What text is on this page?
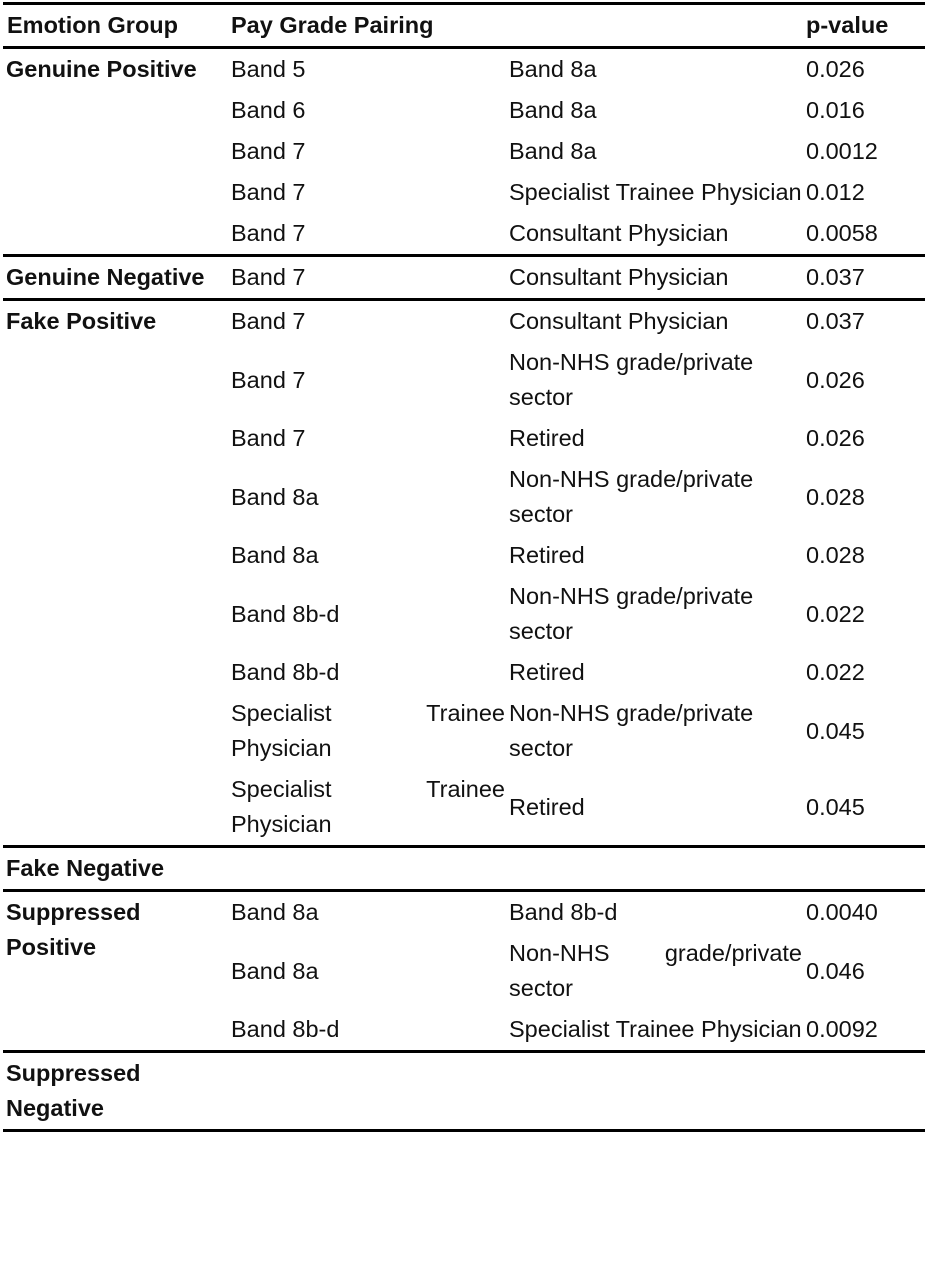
Emotion Group	Pay Grade Pairing		p-value
Genuine Positive	Band 5	Band 8a	0.026
	Band 6	Band 8a	0.016
	Band 7	Band 8a	0.0012
	Band 7	Specialist Trainee Physician	0.012
	Band 7	Consultant Physician	0.0058
Genuine Negative	Band 7	Consultant Physician	0.037
Fake Positive	Band 7	Consultant Physician	0.037
	Band 7	Non-NHS grade/private sector	0.026
	Band 7	Retired	0.026
	Band 8a	Non-NHS grade/private sector	0.028
	Band 8a	Retired	0.028
	Band 8b-d	Non-NHS grade/private sector	0.022
	Band 8b-d	Retired	0.022
	Specialist Trainee Physician	Non-NHS grade/private sector	0.045
	Specialist Trainee Physician	Retired	0.045
Fake Negative			
Suppressed Positive	Band 8a	Band 8b-d	0.0040
	Band 8a	Non-NHS grade/private sector	0.046
	Band 8b-d	Specialist Trainee Physician	0.0092
Suppressed Negative			
